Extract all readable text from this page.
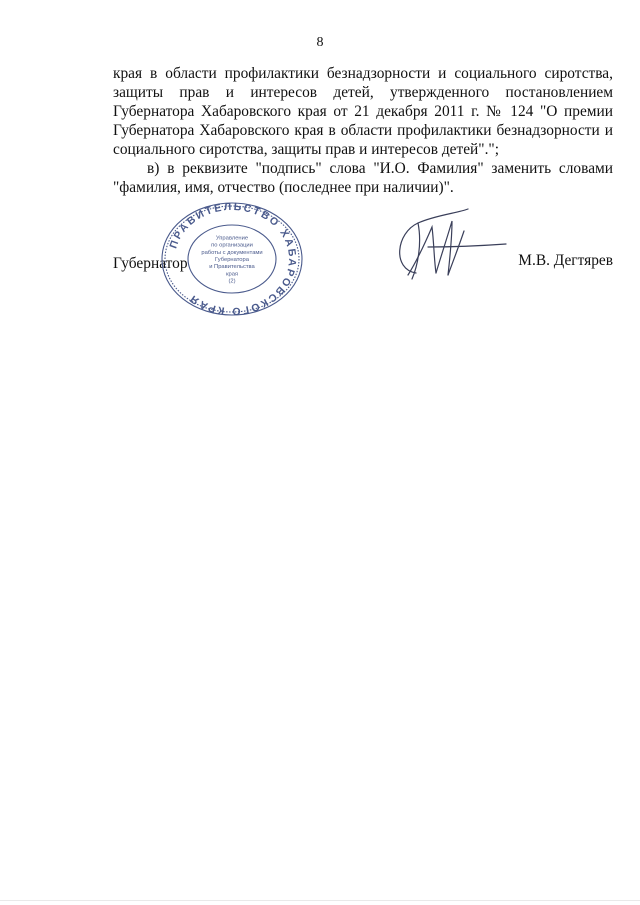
8

края в области профилактики безнадзорности и социального сиротства, защиты прав и интересов детей, утвержденного постановлением Губернатора Хабаровского края от 21 декабря 2011 г. № 124 "О премии Губернатора Хабаровского края в области профилактики безнадзорности и социального сиротства, защиты прав и интересов детей".";

в) в реквизите "подпись" слова "И.О. Фамилия" заменить словами "фамилия, имя, отчество (последнее при наличии)".

Губернатор
ПРАВИТЕЛЬСТВО ХАБАРОВСКОГО КРАЯ
Управление
по организации
работы с документами
Губернатора
и Правительства
края
(2)
М.В. Дегтярев
